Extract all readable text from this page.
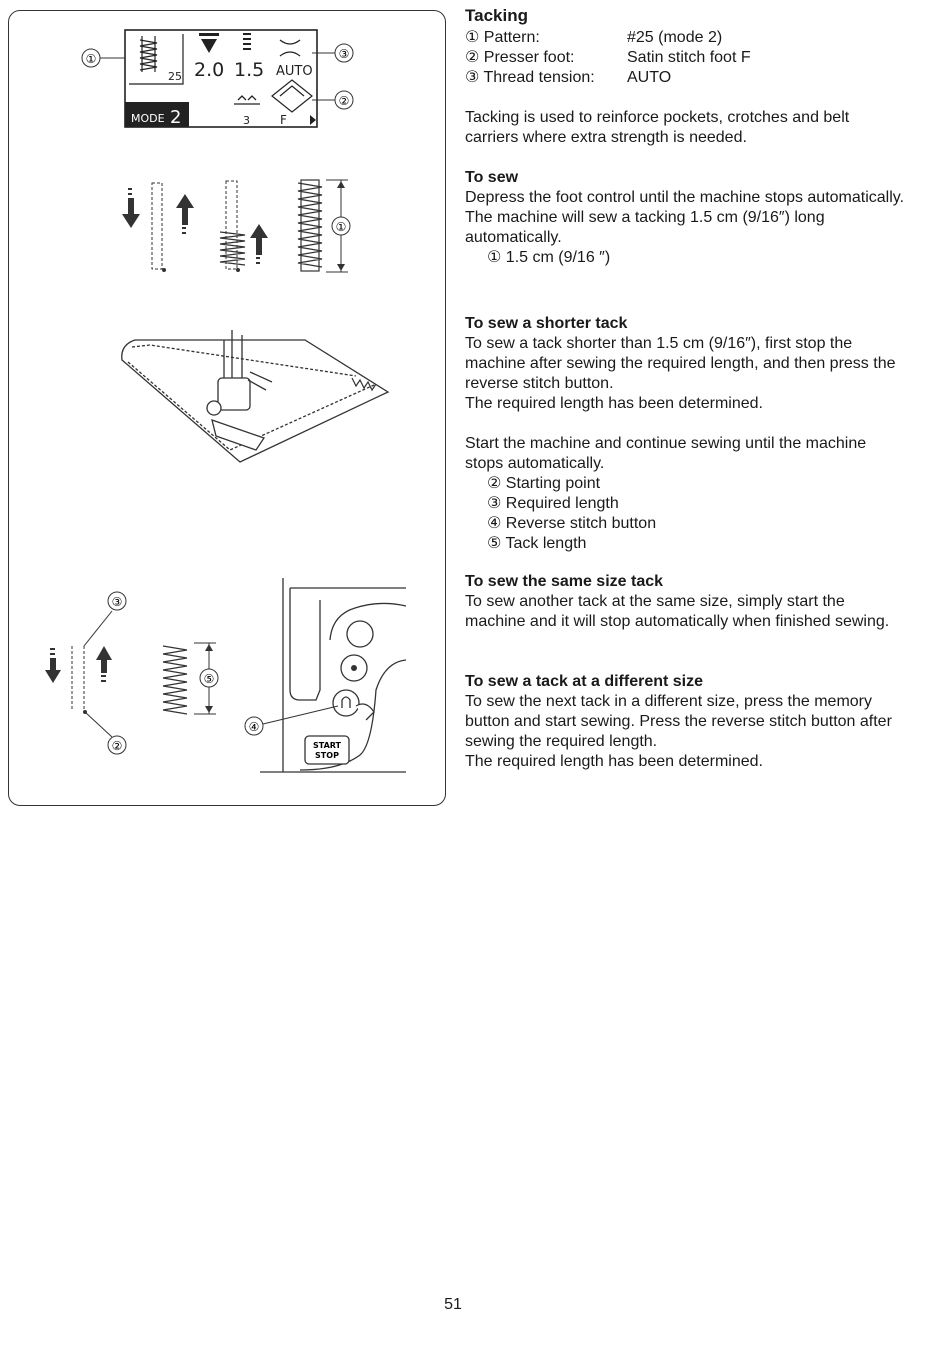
MODE 2
25 2.0 1.5 AUTO
3	F
①	③
②
①
③
②
⑤
START
STOP
④

Tacking

① Pattern:	#25 (mode 2)
② Presser foot:	Satin stitch foot F
③ Thread tension:	AUTO

Tacking is used to reinforce pockets, crotches and belt carriers where extra strength is needed.

To sew

Depress the foot control until the machine stops automatically.

The machine will sew a tacking 1.5 cm (9/16″) long automatically.

① 1.5 cm (9/16 ″)

To sew a shorter tack

To sew a tack shorter than 1.5 cm (9/16″), first stop the machine after sewing the required length, and then press the reverse stitch button.

The required length has been determined.

Start the machine and continue sewing until the machine stops automatically.

② Starting point

③ Required length

④ Reverse stitch button

⑤ Tack length

To sew the same size tack

To sew another tack at the same size, simply start the machine and it will stop automatically when finished sewing.

To sew a tack at a different size

To sew the next tack in a different size, press the memory button and start sewing. Press the reverse stitch button after sewing the required length.

The required length has been determined.

51
